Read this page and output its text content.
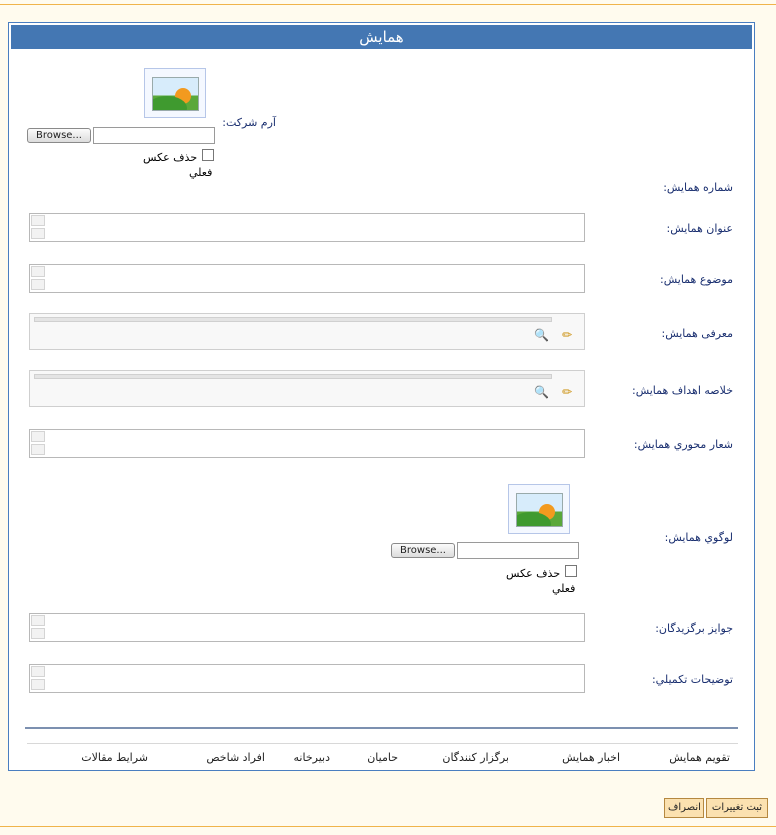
همایش
آرم شرکت:
Browse...
حذف عکس
فعلي
شماره همايش:
عنوان همايش:
موضوع همايش:
معرفی همايش:
🔍 ✏
خلاصه اهداف همايش:
🔍 ✏
شعار محوري همايش:
لوگوي همايش:
Browse...
حذف عكس
فعلي
جوايز برگزيدگان:
توضيحات تکميلي:
تقويم همايش
اخبار همايش
برگزار كنندگان
حاميان
دبيرخانه
افراد شاخص
شرايط مقالات
ثبت تغييرات
انصراف
